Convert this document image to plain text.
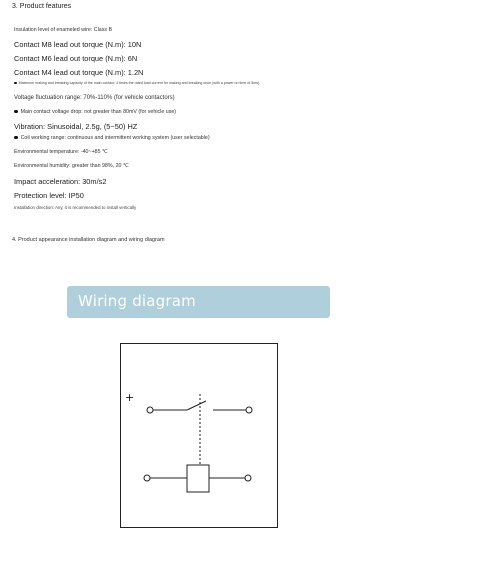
3. Product features
Insulation level of enameled wire: Class B
Contact M8 lead out torque (N.m): 10N
Contact M6 lead out torque (N.m): 6N
Contact M4 lead out torque (N.m): 1.2N
Maximum making and breaking capacity of the main contact: 4 times the rated load current for making and breaking once (with a power on time of 5ms)
Voltage fluctuation range: 70%-110% (for vehicle contactors)
Main contact voltage drop: not greater than 80mV (for vehicle use)
Vibration: Sinusoidal, 2.5g, (5~50) HZ
Coil working range: continuous and intermittent working system (user selectable)
Environmental temperature: -40~+85 ℃
Environmental humidity: greater than 98%, 20 ℃
Impact acceleration: 30m/s2
Protection level: IP50
Installation direction: Any, it is recommended to install vertically
4. Product appearance installation diagram and wiring diagram
Wiring diagram
+
